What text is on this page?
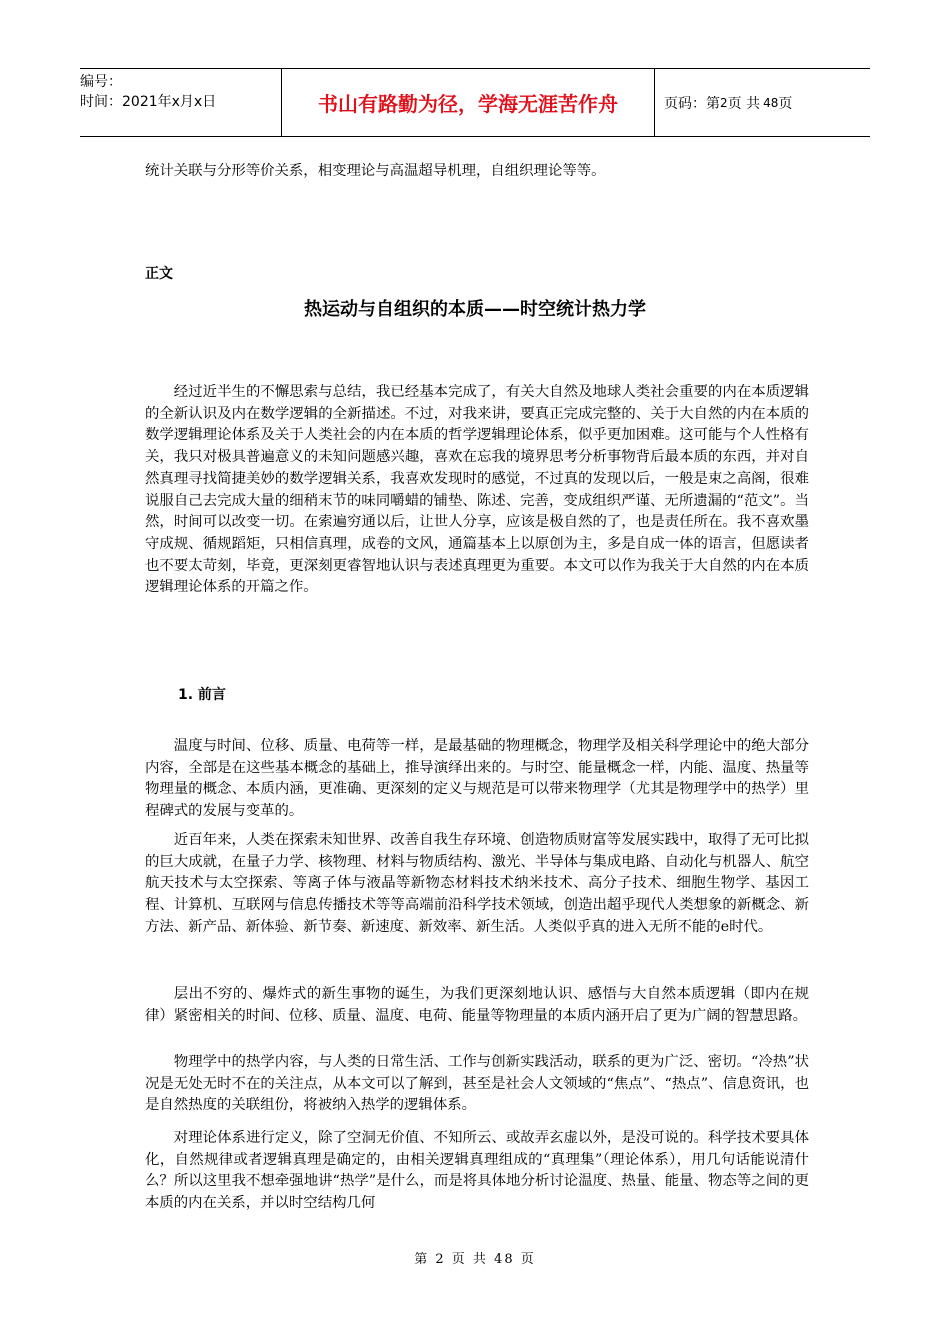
编号：
时间：2021年x月x日	书山有路勤为径，学海无涯苦作舟	页码：第 2 页 共 48 页
统计关联与分形等价关系，相变理论与高温超导机理，自组织理论等等。
正文
热运动与自组织的本质——时空统计热力学

经过近半生的不懈思索与总结，我已经基本完成了，有关大自然及地球人类社会重要的内在本质逻辑的全新认识及内在数学逻辑的全新描述。不过，对我来讲，要真正完成完整的、关于大自然的内在本质的数学逻辑理论体系及关于人类社会的内在本质的哲学逻辑理论体系，似乎更加困难。这可能与个人性格有关，我只对极具普遍意义的未知问题感兴趣，喜欢在忘我的境界思考分析事物背后最本质的东西，并对自然真理寻找简捷美妙的数学逻辑关系，我喜欢发现时的感觉，不过真的发现以后，一般是束之高阁，很难说服自己去完成大量的细稍末节的味同嚼蜡的铺垫、陈述、完善，变成组织严谨、无所遗漏的“范文”。当然，时间可以改变一切。在索遍穷通以后，让世人分享，应该是极自然的了，也是责任所在。我不喜欢墨守成规、循规蹈矩，只相信真理，成卷的文风，通篇基本上以原创为主，多是自成一体的语言，但愿读者也不要太苛刻，毕竟，更深刻更睿智地认识与表述真理更为重要。本文可以作为我关于大自然的内在本质逻辑理论体系的开篇之作。

1. 前言

温度与时间、位移、质量、电荷等一样，是最基础的物理概念，物理学及相关科学理论中的绝大部分内容，全部是在这些基本概念的基础上，推导演绎出来的。与时空、能量概念一样，内能、温度、热量等物理量的概念、本质内涵，更准确、更深刻的定义与规范是可以带来物理学（尤其是物理学中的热学）里程碑式的发展与变革的。

近百年来，人类在探索未知世界、改善自我生存环境、创造物质财富等发展实践中，取得了无可比拟的巨大成就，在量子力学、核物理、材料与物质结构、激光、半导体与集成电路、自动化与机器人、航空航天技术与太空探索、等离子体与液晶等新物态材料技术纳米技术、高分子技术、细胞生物学、基因工程、计算机、互联网与信息传播技术等等高端前沿科学技术领域，创造出超乎现代人类想象的新概念、新方法、新产品、新体验、新节奏、新速度、新效率、新生活。人类似乎真的进入无所不能的e时代。

层出不穷的、爆炸式的新生事物的诞生，为我们更深刻地认识、感悟与大自然本质逻辑（即内在规律）紧密相关的时间、位移、质量、温度、电荷、能量等物理量的本质内涵开启了更为广阔的智慧思路。

物理学中的热学内容，与人类的日常生活、工作与创新实践活动，联系的更为广泛、密切。“冷热”状况是无处无时不在的关注点，从本文可以了解到，甚至是社会人文领域的“焦点”、“热点”、信息资讯，也是自然热度的关联组份，将被纳入热学的逻辑体系。

对理论体系进行定义，除了空洞无价值、不知所云、或故弄玄虚以外，是没可说的。科学技术要具体化，自然规律或者逻辑真理是确定的，由相关逻辑真理组成的“真理集”（理论体系），用几句话能说清什么？所以这里我不想牵强地讲“热学”是什么，而是将具体地分析讨论温度、热量、能量、物态等之间的更本质的内在关系，并以时空结构几何

第 2 页 共 48 页
